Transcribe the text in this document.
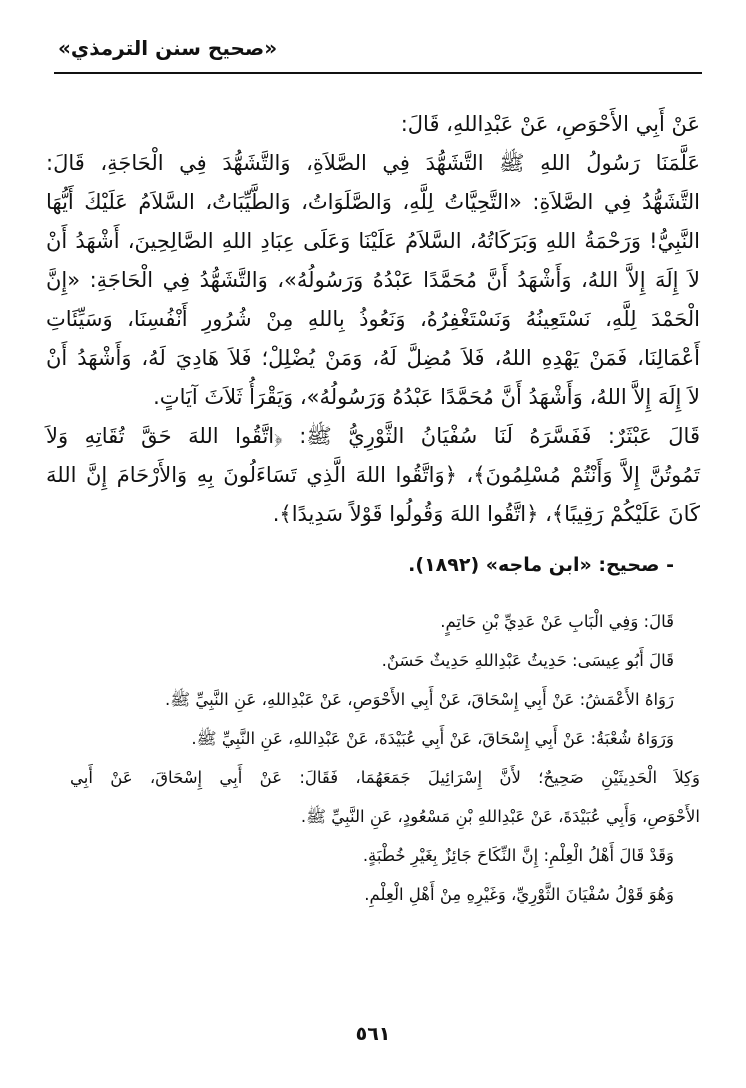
«صحيح سنن الترمذي»
عَنْ أَبِي الأَحْوَصِ، عَنْ عَبْدِاللهِ، قَالَ:
عَلَّمَنَا رَسُولُ اللهِ ﷺ التَّشَهُّدَ فِي الصَّلاَةِ، وَالتَّشَهُّدَ فِي الْحَاجَةِ، قَالَ:
التَّشَهُّدُ فِي الصَّلاَةِ: «التَّحِيَّاتُ لِلَّهِ، وَالصَّلَوَاتُ، وَالطَّيِّبَاتُ، السَّلاَمُ عَلَيْكَ أَيُّهَا
النَّبِيُّ! وَرَحْمَةُ اللهِ وَبَرَكَاتُهُ، السَّلاَمُ عَلَيْنَا وَعَلَى عِبَادِ اللهِ الصَّالِحِينَ، أَشْهَدُ أَنْ
لاَ إِلَهَ إِلاَّ اللهُ، وَأَشْهَدُ أَنَّ مُحَمَّدًا عَبْدُهُ وَرَسُولُهُ»، وَالتَّشَهُّدُ فِي الْحَاجَةِ: «إِنَّ
الْحَمْدَ لِلَّهِ، نَسْتَعِينُهُ وَنَسْتَغْفِرُهُ، وَنَعُوذُ بِاللهِ مِنْ شُرُورِ أَنْفُسِنَا، وَسَيِّئَاتِ
أَعْمَالِنَا، فَمَنْ يَهْدِهِ اللهُ، فَلاَ مُضِلَّ لَهُ، وَمَنْ يُضْلِلْ؛ فَلاَ هَادِيَ لَهُ، وَأَشْهَدُ أَنْ
لاَ إِلَهَ إِلاَّ اللهُ، وَأَشْهَدُ أَنَّ مُحَمَّدًا عَبْدُهُ وَرَسُولُهُ»، وَيَقْرَأُ ثَلاَثَ آيَاتٍ.
قَالَ عَبْثَرٌ: فَفَسَّرَهُ لَنَا سُفْيَانُ الثَّوْرِيُّ ﷺ: ﴿اتَّقُوا اللهَ حَقَّ تُقَاتِهِ وَلاَ
تَمُوتُنَّ إِلاَّ وَأَنْتُمْ مُسْلِمُونَ﴾، ﴿وَاتَّقُوا اللهَ الَّذِي تَسَاءَلُونَ بِهِ وَالأَرْحَامَ إِنَّ اللهَ
كَانَ عَلَيْكُمْ رَقِيبًا﴾، ﴿اتَّقُوا اللهَ وَقُولُوا قَوْلاً سَدِيدًا﴾.
- صحيح: «ابن ماجه» (١٨٩٢).
قَالَ: وَفِي الْبَابِ عَنْ عَدِيِّ بْنِ حَاتِمٍ.
قَالَ أَبُو عِيسَى: حَدِيثُ عَبْدِاللهِ حَدِيثٌ حَسَنٌ.
رَوَاهُ الأَعْمَشُ: عَنْ أَبِي إِسْحَاقَ، عَنْ أَبِي الأَحْوَصِ، عَنْ عَبْدِاللهِ، عَنِ النَّبِيِّ ﷺ.
وَرَوَاهُ شُعْبَةُ: عَنْ أَبِي إِسْحَاقَ، عَنْ أَبِي عُبَيْدَةَ، عَنْ عَبْدِاللهِ، عَنِ النَّبِيِّ ﷺ.
وَكِلاَ الْحَدِيثَيْنِ صَحِيحٌ؛ لأَنَّ إِسْرَائِيلَ جَمَعَهُمَا، فَقَالَ: عَنْ أَبِي إِسْحَاقَ، عَنْ أَبِي
الأَحْوَصِ، وَأَبِي عُبَيْدَةَ، عَنْ عَبْدِاللهِ بْنِ مَسْعُودٍ، عَنِ النَّبِيِّ ﷺ.
وَقَدْ قَالَ أَهْلُ الْعِلْمِ: إِنَّ النِّكَاحَ جَائِزٌ بِغَيْرِ خُطْبَةٍ.
وَهُوَ قَوْلُ سُفْيَانَ الثَّوْرِيِّ، وَغَيْرِهِ مِنْ أَهْلِ الْعِلْمِ.
٥٦١
